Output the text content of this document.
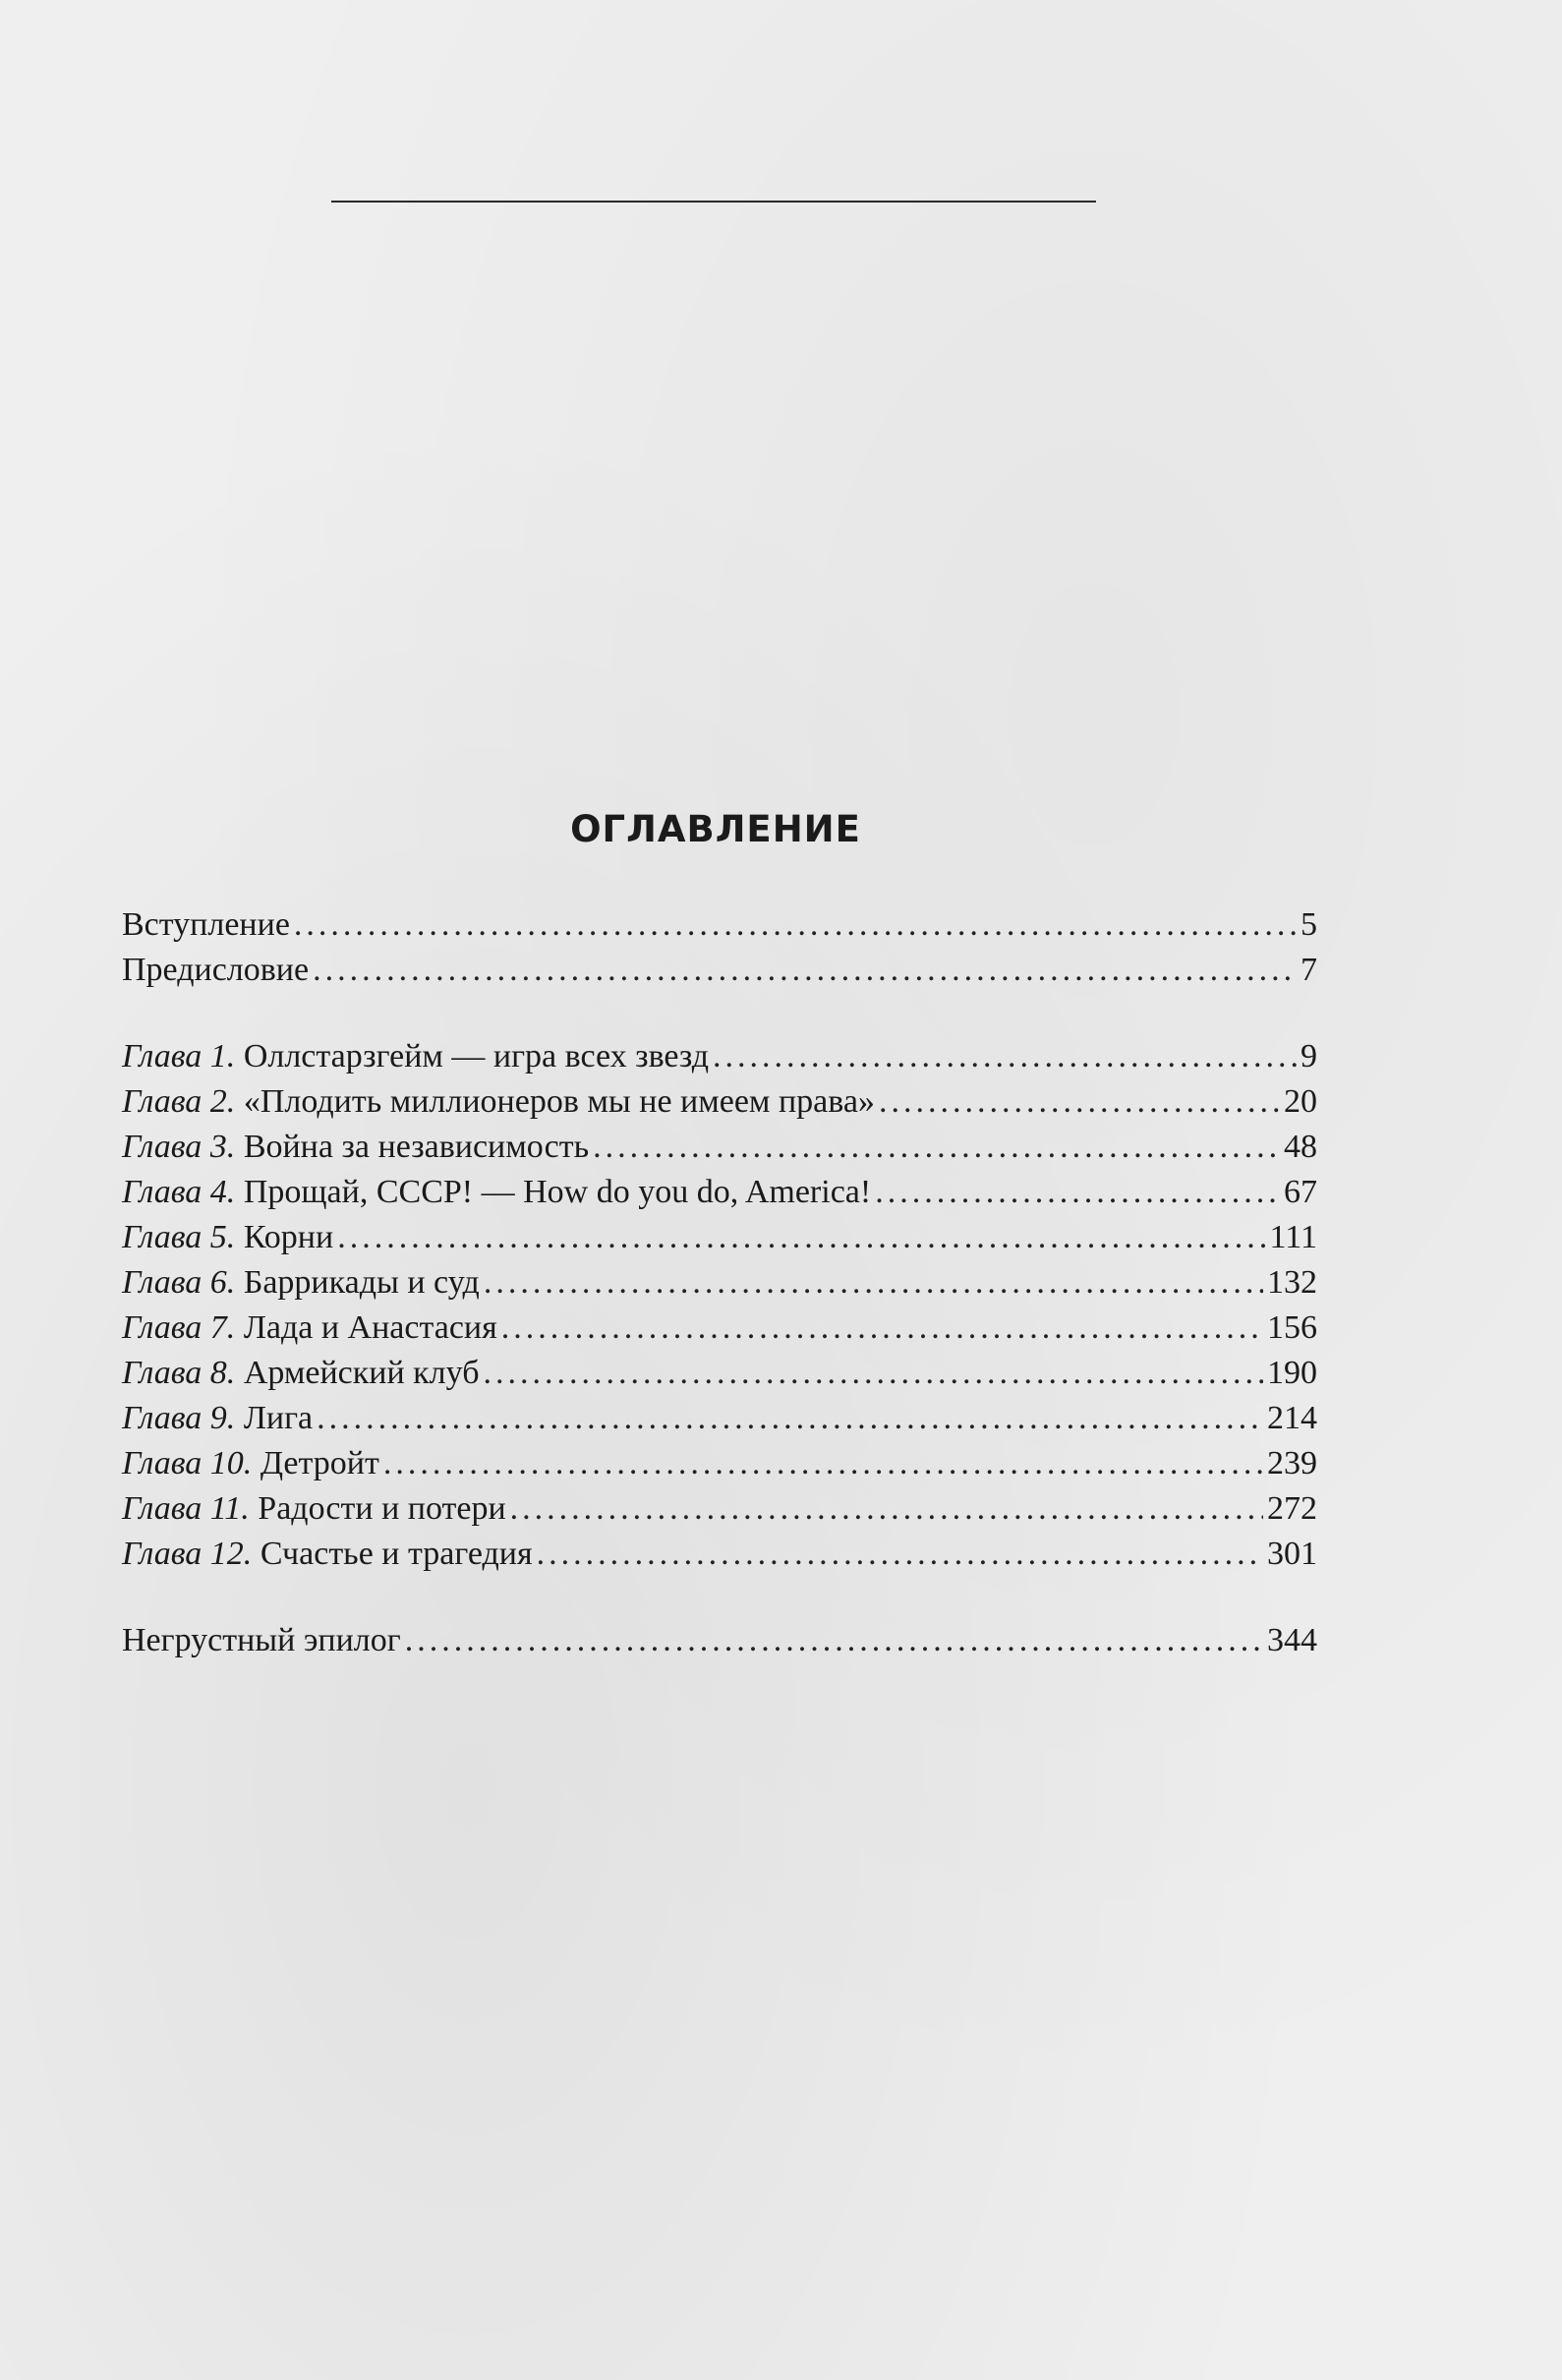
ОГЛАВЛЕНИЕ
Вступление .....	5
Предисловие .....	7
Глава 1. Оллстарзгейм — игра всех звезд .....	9
Глава 2. «Плодить миллионеров мы не имеем права» .....	20
Глава 3. Война за независимость .....	48
Глава 4. Прощай, СССР! — How do you do, America! .....	67
Глава 5. Корни .....	111
Глава 6. Баррикады и суд .....	132
Глава 7. Лада и Анастасия .....	156
Глава 8. Армейский клуб .....	190
Глава 9. Лига .....	214
Глава 10. Детройт .....	239
Глава 11. Радости и потери .....	272
Глава 12. Счастье и трагедия .....	301
Негрустный эпилог .....	344
